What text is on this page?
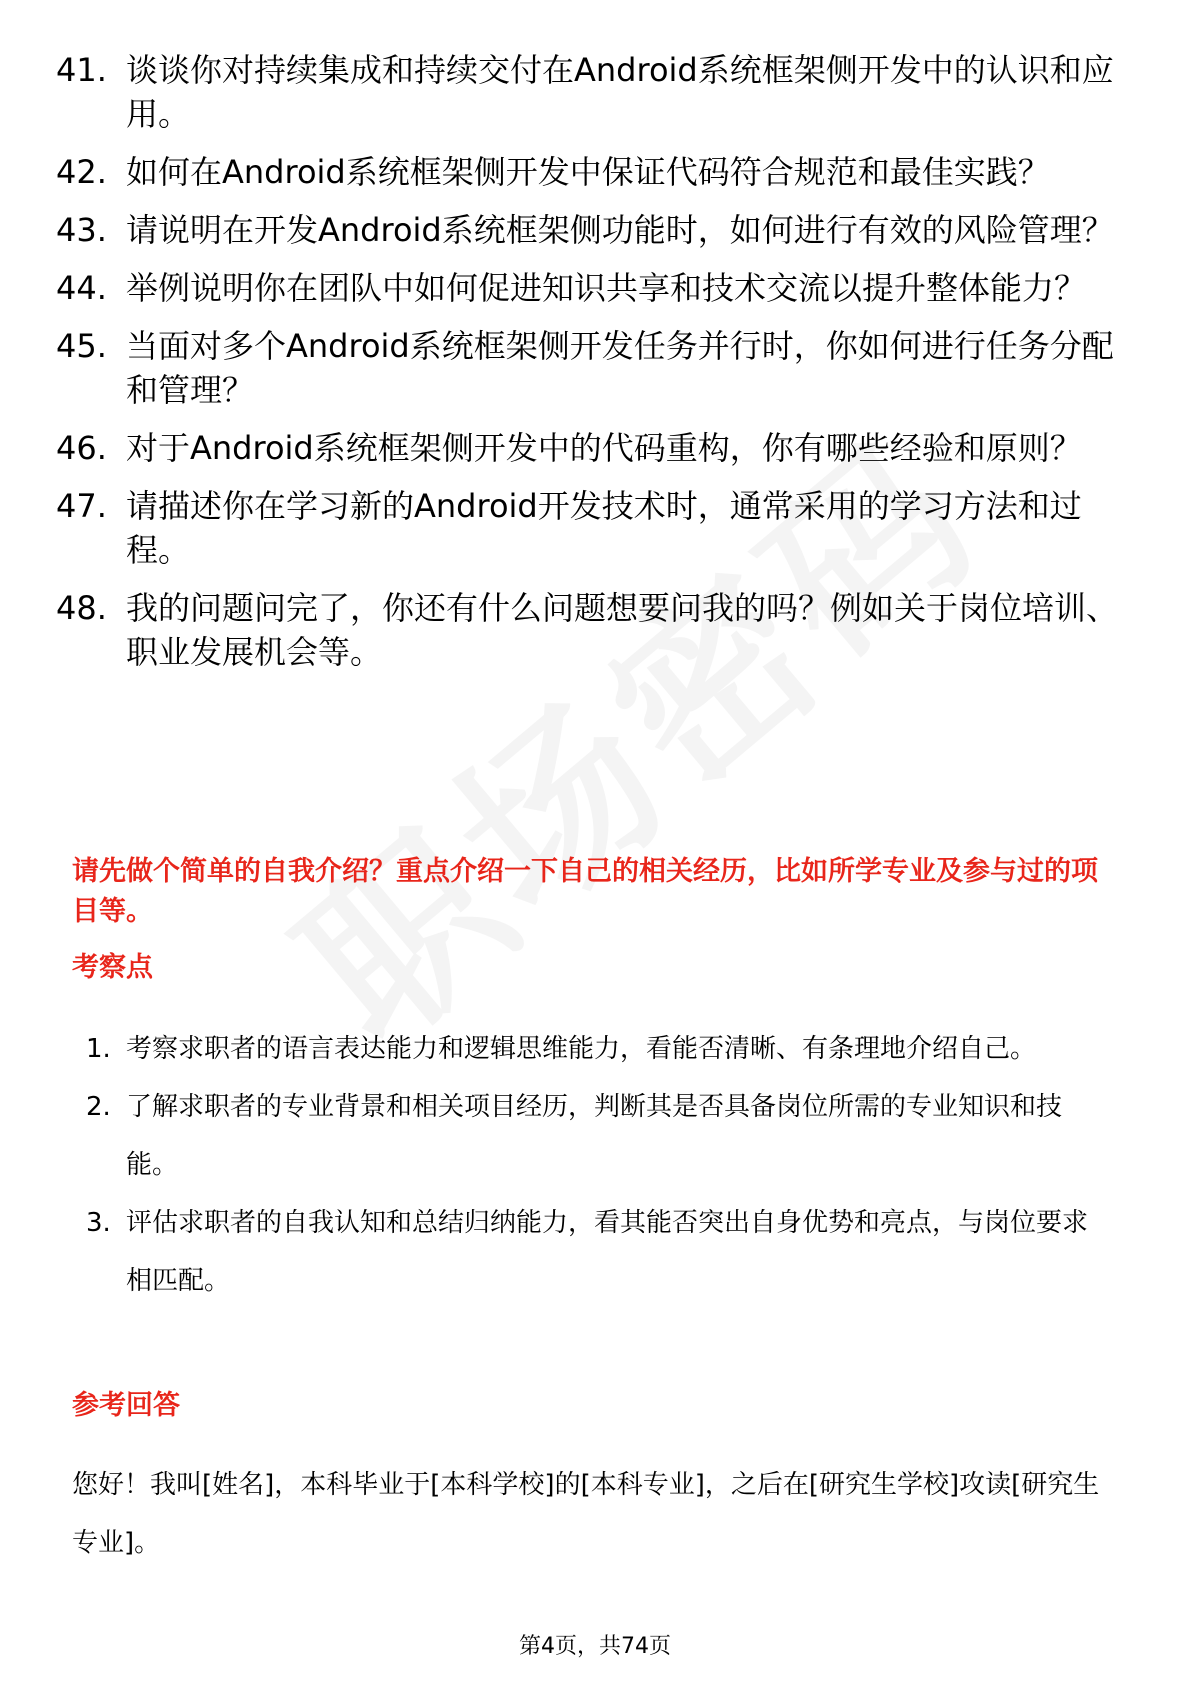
41. 谈谈你对持续集成和持续交付在Android系统框架侧开发中的认识和应用。
42. 如何在Android系统框架侧开发中保证代码符合规范和最佳实践？
43. 请说明在开发Android系统框架侧功能时，如何进行有效的风险管理？
44. 举例说明你在团队中如何促进知识共享和技术交流以提升整体能力？
45. 当面对多个Android系统框架侧开发任务并行时，你如何进行任务分配和管理？
46. 对于Android系统框架侧开发中的代码重构，你有哪些经验和原则？
47. 请描述你在学习新的Android开发技术时，通常采用的学习方法和过程。
48. 我的问题问完了，你还有什么问题想要问我的吗？例如关于岗位培训、职业发展机会等。
请先做个简单的自我介绍？重点介绍一下自己的相关经历，比如所学专业及参与过的项目等。
考察点
1. 考察求职者的语言表达能力和逻辑思维能力，看能否清晰、有条理地介绍自己。
2. 了解求职者的专业背景和相关项目经历，判断其是否具备岗位所需的专业知识和技能。
3. 评估求职者的自我认知和总结归纳能力，看其能否突出自身优势和亮点，与岗位要求相匹配。
参考回答
您好！我叫[姓名]，本科毕业于[本科学校]的[本科专业]，之后在[研究生学校]攻读[研究生专业]。
第4页，共74页
